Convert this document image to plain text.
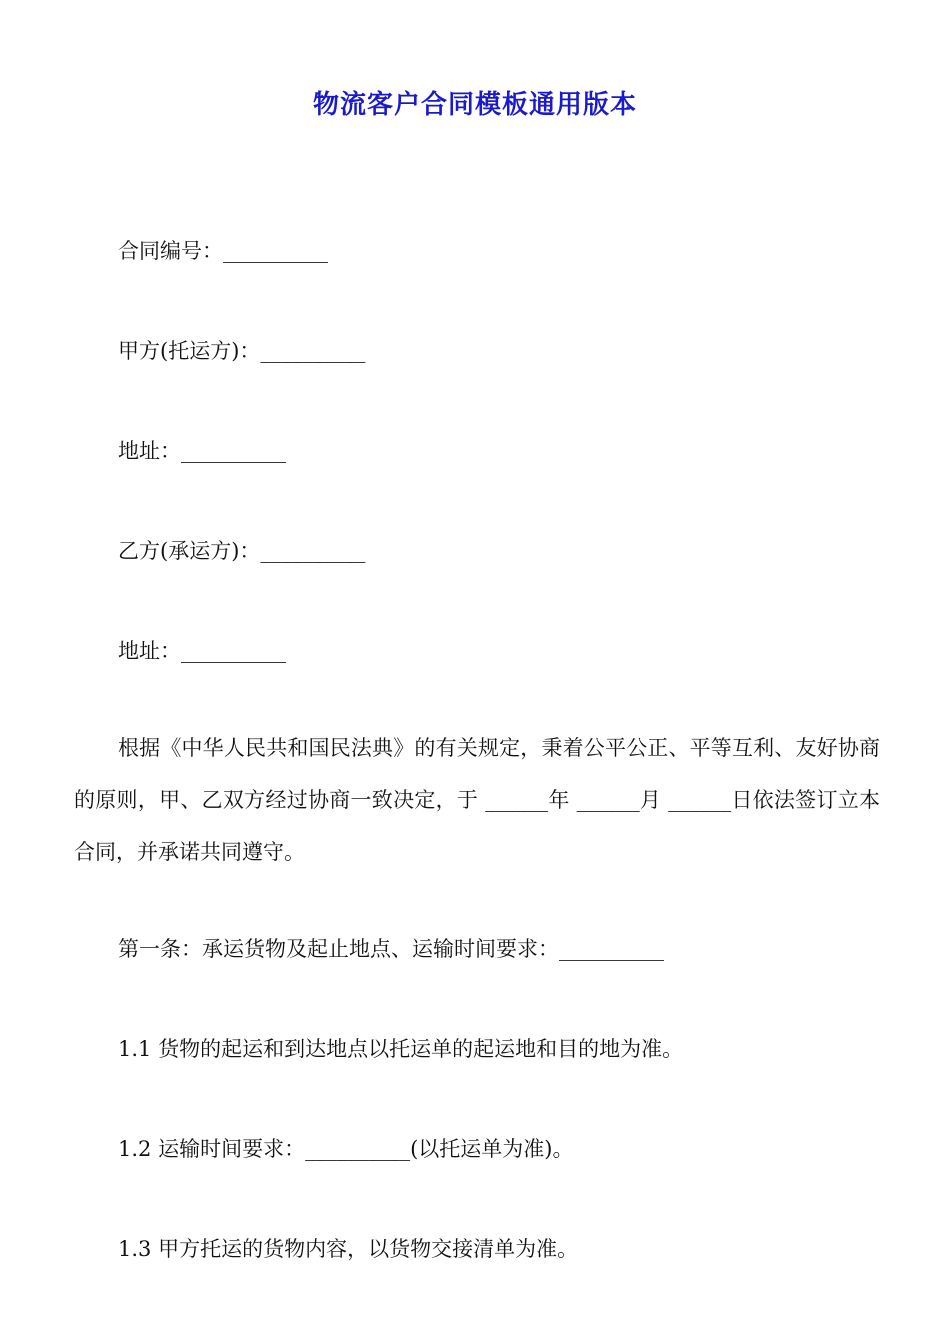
物流客户合同模板通用版本
合同编号：__________
甲方(托运方)：__________
地址：__________
乙方(承运方)：__________
地址：__________
根据《中华人民共和国民法典》的有关规定，秉着公平公正、平等互利、友好协商的原则，甲、乙双方经过协商一致决定，于 ______年 ______月 ______日依法签订立本合同，并承诺共同遵守。
第一条：承运货物及起止地点、运输时间要求：__________
1.1 货物的起运和到达地点以托运单的起运地和目的地为准。
1.2 运输时间要求：__________(以托运单为准)。
1.3 甲方托运的货物内容，以货物交接清单为准。
